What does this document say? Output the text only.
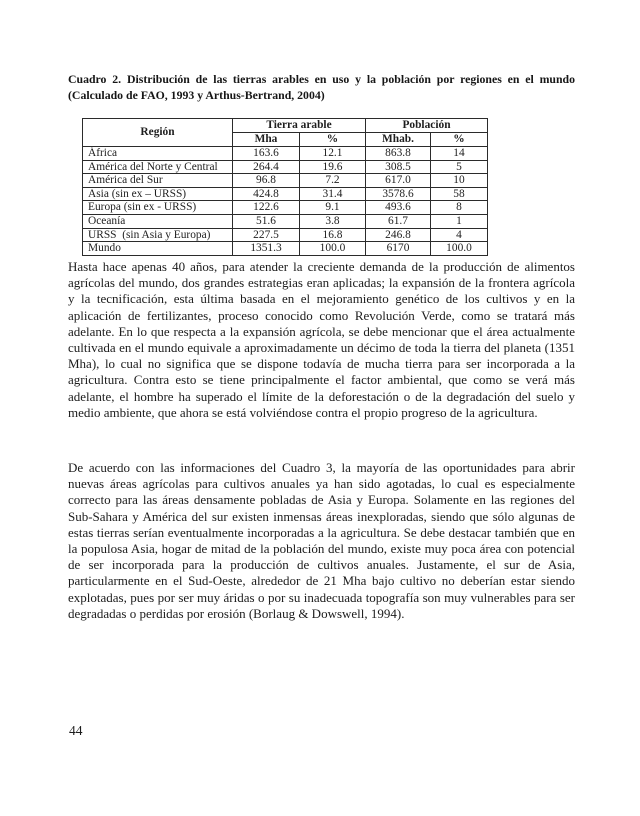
Cuadro 2. Distribución de las tierras arables en uso y la población por regiones en el mundo
(Calculado de FAO, 1993 y Arthus-Bertrand, 2004)
Región	Tierra arable		Población	
	Mha	%	Mhab.	%
África	163.6	12.1	863.8	14
América del Norte y Central	264.4	19.6	308.5	5
América del Sur	96.8	7.2	617.0	10
Asia (sin ex – URSS)	424.8	31.4	3578.6	58
Europa (sin ex - URSS)	122.6	9.1	493.6	8
Oceanía	51.6	3.8	61.7	1
URSS  (sin Asia y Europa)	227.5	16.8	246.8	4
Mundo	1351.3	100.0	6170	100.0

Hasta hace apenas 40 años, para atender la creciente demanda de la producción de alimentos agrícolas del mundo, dos grandes estrategias eran aplicadas; la expansión de la frontera agrícola y la tecnificación, esta última basada en el mejoramiento genético de los cultivos y en la aplicación de fertilizantes, proceso conocido como Revolución Verde, como se tratará más adelante. En lo que respecta a la expansión agrícola, se debe mencionar que el área actualmente cultivada en el mundo equivale a aproximadamente un décimo de toda la tierra del planeta (1351 Mha), lo cual no significa que se dispone todavía de mucha tierra para ser incorporada a la agricultura. Contra esto se tiene principalmente el factor ambiental, que como se verá más adelante, el hombre ha superado el límite de la deforestación o de la degradación del suelo y medio ambiente, que ahora se está volviéndose contra el propio progreso de la agricultura.

De acuerdo con las informaciones del Cuadro 3, la mayoría de las oportunidades para abrir nuevas áreas agrícolas para cultivos anuales ya han sido agotadas, lo cual es especialmente correcto para las áreas densamente pobladas de Asia y Europa. Solamente en las regiones del Sub-Sahara y América del sur existen inmensas áreas inexploradas, siendo que sólo algunas de estas tierras serían eventualmente incorporadas a la agricultura. Se debe destacar también que en la populosa Asia, hogar de mitad de la población del mundo, existe muy poca área con potencial de ser incorporada para la producción de cultivos anuales. Justamente, el sur de Asia, particularmente en el Sud-Oeste, alrededor de 21 Mha bajo cultivo no deberían estar siendo explotadas, pues por ser muy áridas o por su inadecuada topografía son muy vulnerables para ser degradadas o perdidas por erosión (Borlaug & Dowswell, 1994).

44
